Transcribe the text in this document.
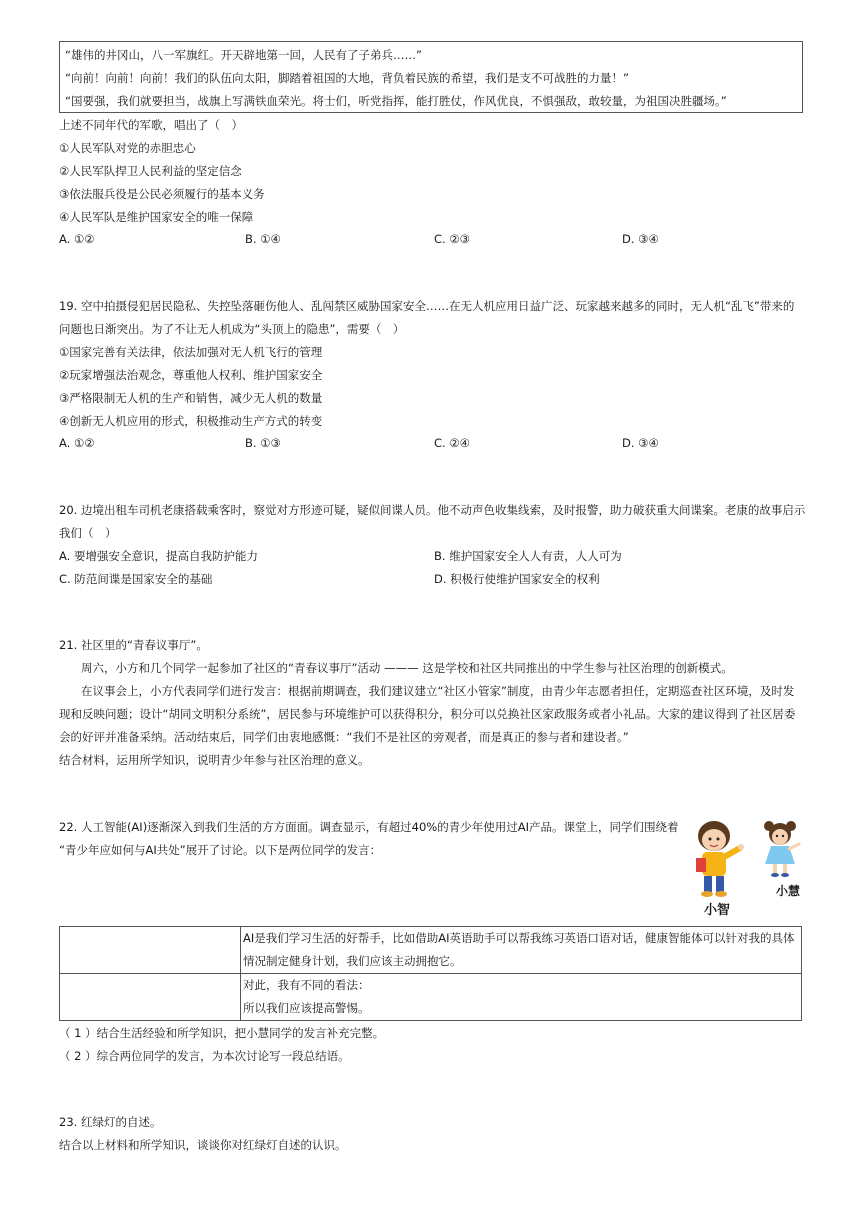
“雄伟的井冈山，八一军旗红。开天辟地第一回，人民有了子弟兵……”
“向前！向前！向前！我们的队伍向太阳，脚踏着祖国的大地，背负着民族的希望，我们是支不可战胜的力量！”
“国要强，我们就要担当，战旗上写满铁血荣光。将士们，听党指挥，能打胜仗，作风优良，不惧强敌，敢较量，为祖国决胜疆场。”
上述不同年代的军歌，唱出了（　）
①人民军队对党的赤胆忠心
②人民军队捍卫人民利益的坚定信念
③依法服兵役是公民必须履行的基本义务
④人民军队是维护国家安全的唯一保障
A. ①②	B. ①④	C. ②③	D. ③④
19. 空中拍摄侵犯居民隐私、失控坠落砸伤他人、乱闯禁区威胁国家安全……在无人机应用日益广泛、玩家越来越多的同时，无人机“乱飞”带来的
问题也日渐突出。为了不让无人机成为“头顶上的隐患”，需要（　）
①国家完善有关法律，依法加强对无人机飞行的管理
②玩家增强法治观念，尊重他人权利、维护国家安全
③严格限制无人机的生产和销售，减少无人机的数量
④创新无人机应用的形式，积极推动生产方式的转变
A. ①②	B. ①③	C. ②④	D. ③④
20. 边境出租车司机老康搭载乘客时，察觉对方形迹可疑，疑似间谍人员。他不动声色收集线索，及时报警，助力破获重大间谍案。老康的故事启示
我们（　）
A. 要增强安全意识，提高自我防护能力	B. 维护国家安全人人有责，人人可为
C. 防范间谍是国家安全的基础	D. 积极行使维护国家安全的权利
21. 社区里的“青春议事厅”。
周六，小方和几个同学一起参加了社区的“青春议事厅”活动 ——— 这是学校和社区共同推出的中学生参与社区治理的创新模式。
在议事会上，小方代表同学们进行发言：根据前期调查，我们建议建立“社区小管家”制度，由青少年志愿者担任，定期巡查社区环境，及时发
现和反映问题；设计“胡同文明积分系统”，居民参与环境维护可以获得积分，积分可以兑换社区家政服务或者小礼品。大家的建议得到了社区居委
会的好评并准备采纳。活动结束后，同学们由衷地感慨：“我们不是社区的旁观者，而是真正的参与者和建设者。”
结合材料，运用所学知识，说明青少年参与社区治理的意义。
22. 人工智能(AI)逐渐深入到我们生活的方方面面。调查显示，有超过40%的青少年使用过AI产品。课堂上，同学们围绕着
“青少年应如何与AI共处”展开了讨论。以下是两位同学的发言：
小慧
小智

	AI是我们学习生活的好帮手，比如借助AI英语助手可以帮我练习英语口语对话，健康智能体可以针对我的具体
情况制定健身计划，我们应该主动拥抱它。

	对此，我有不同的看法：
所以我们应该提高警惕。
（ 1 ）结合生活经验和所学知识，把小慧同学的发言补充完整。
（ 2 ）综合两位同学的发言，为本次讨论写一段总结语。
23. 红绿灯的自述。
结合以上材料和所学知识，谈谈你对红绿灯自述的认识。
